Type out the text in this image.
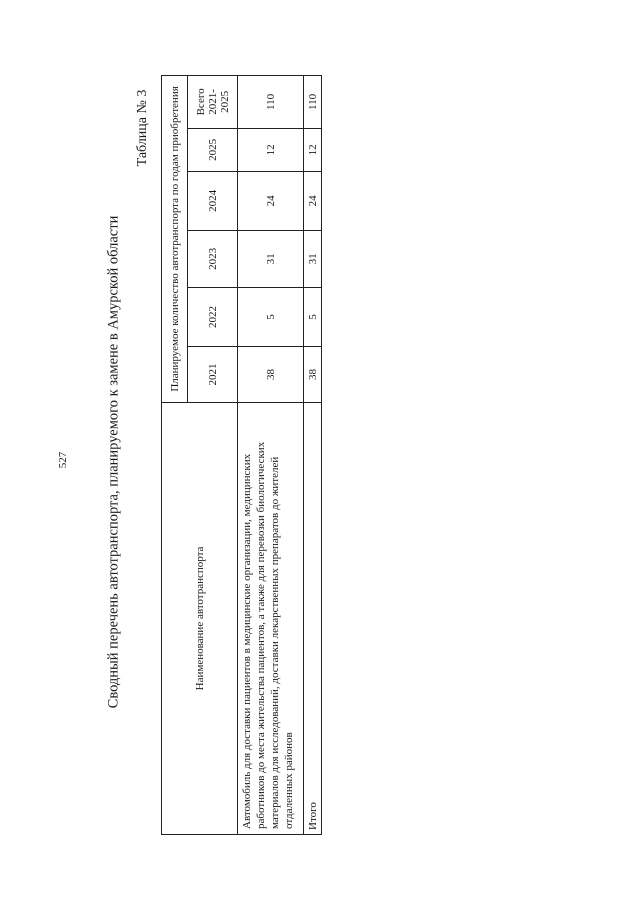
527	Сводный перечень автотранспорта, планируемого к замене в Амурской области
Таблица № 3
Наименование автотранспорта	Планируемое количество автотранспорта по годам приобретения					
	2021	2022	2023	2024	2025	Всего 2021-2025
Автомобиль для доставки пациентов в медицинские организации, медицинских работников до места жительства пациентов, а также для перевозки биологических материалов для исследований, доставки лекарственных препаратов до жителей отдаленных районов	38	5	31	24	12	110
Итого	38	5	31	24	12	110
